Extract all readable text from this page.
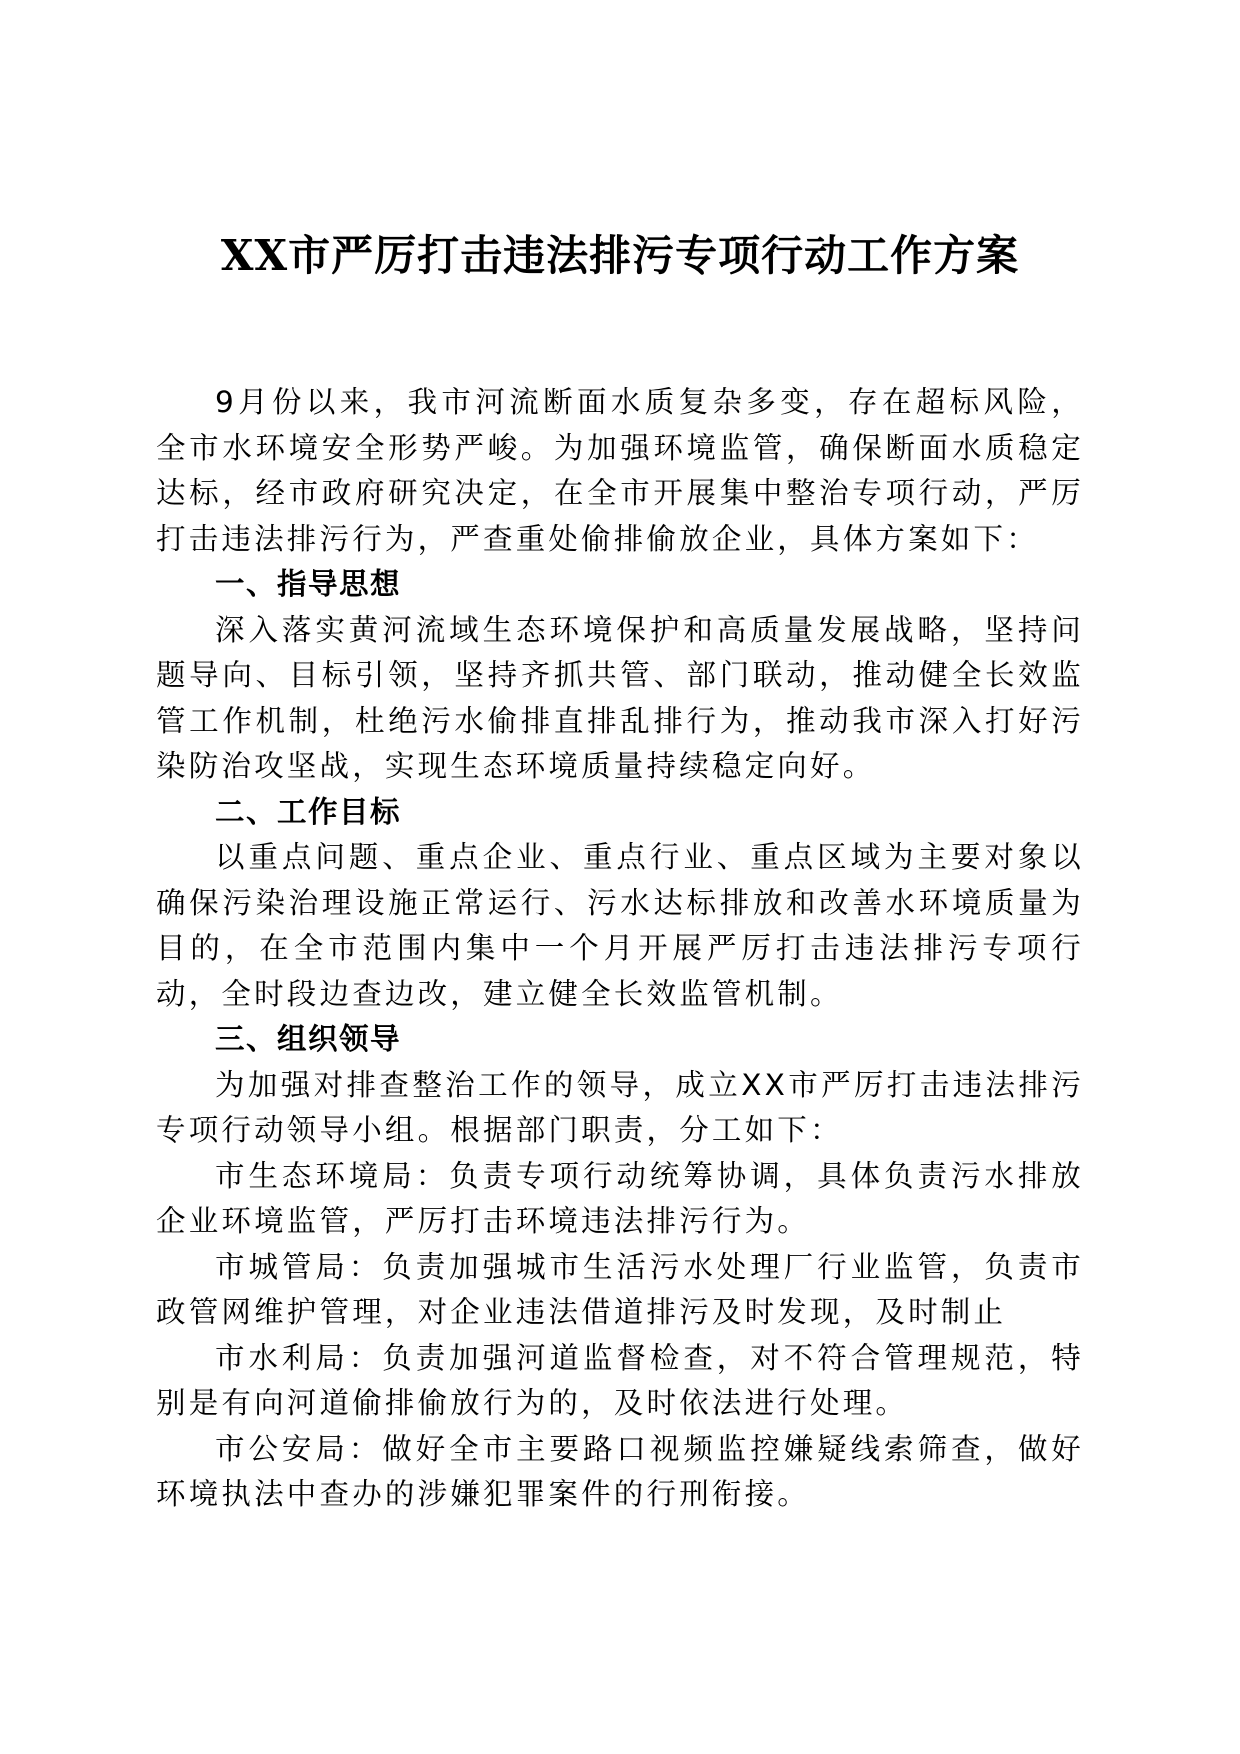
XX市严厉打击违法排污专项行动工作方案

9月份以来，我市河流断面水质复杂多变，存在超标风险，全市水环境安全形势严峻。为加强环境监管，确保断面水质稳定达标，经市政府研究决定，在全市开展集中整治专项行动，严厉打击违法排污行为，严查重处偷排偷放企业，具体方案如下：

一、指导思想

深入落实黄河流域生态环境保护和高质量发展战略，坚持问题导向、目标引领，坚持齐抓共管、部门联动，推动健全长效监管工作机制，杜绝污水偷排直排乱排行为，推动我市深入打好污染防治攻坚战，实现生态环境质量持续稳定向好。

二、工作目标

以重点问题、重点企业、重点行业、重点区域为主要对象以确保污染治理设施正常运行、污水达标排放和改善水环境质量为目的，在全市范围内集中一个月开展严厉打击违法排污专项行动，全时段边查边改，建立健全长效监管机制。

三、组织领导

为加强对排查整治工作的领导，成立XX市严厉打击违法排污专项行动领导小组。根据部门职责，分工如下：

市生态环境局：负责专项行动统筹协调，具体负责污水排放企业环境监管，严厉打击环境违法排污行为。

市城管局：负责加强城市生活污水处理厂行业监管，负责市政管网维护管理，对企业违法借道排污及时发现，及时制止

市水利局：负责加强河道监督检查，对不符合管理规范，特别是有向河道偷排偷放行为的，及时依法进行处理。

市公安局：做好全市主要路口视频监控嫌疑线索筛查，做好环境执法中查办的涉嫌犯罪案件的行刑衔接。
